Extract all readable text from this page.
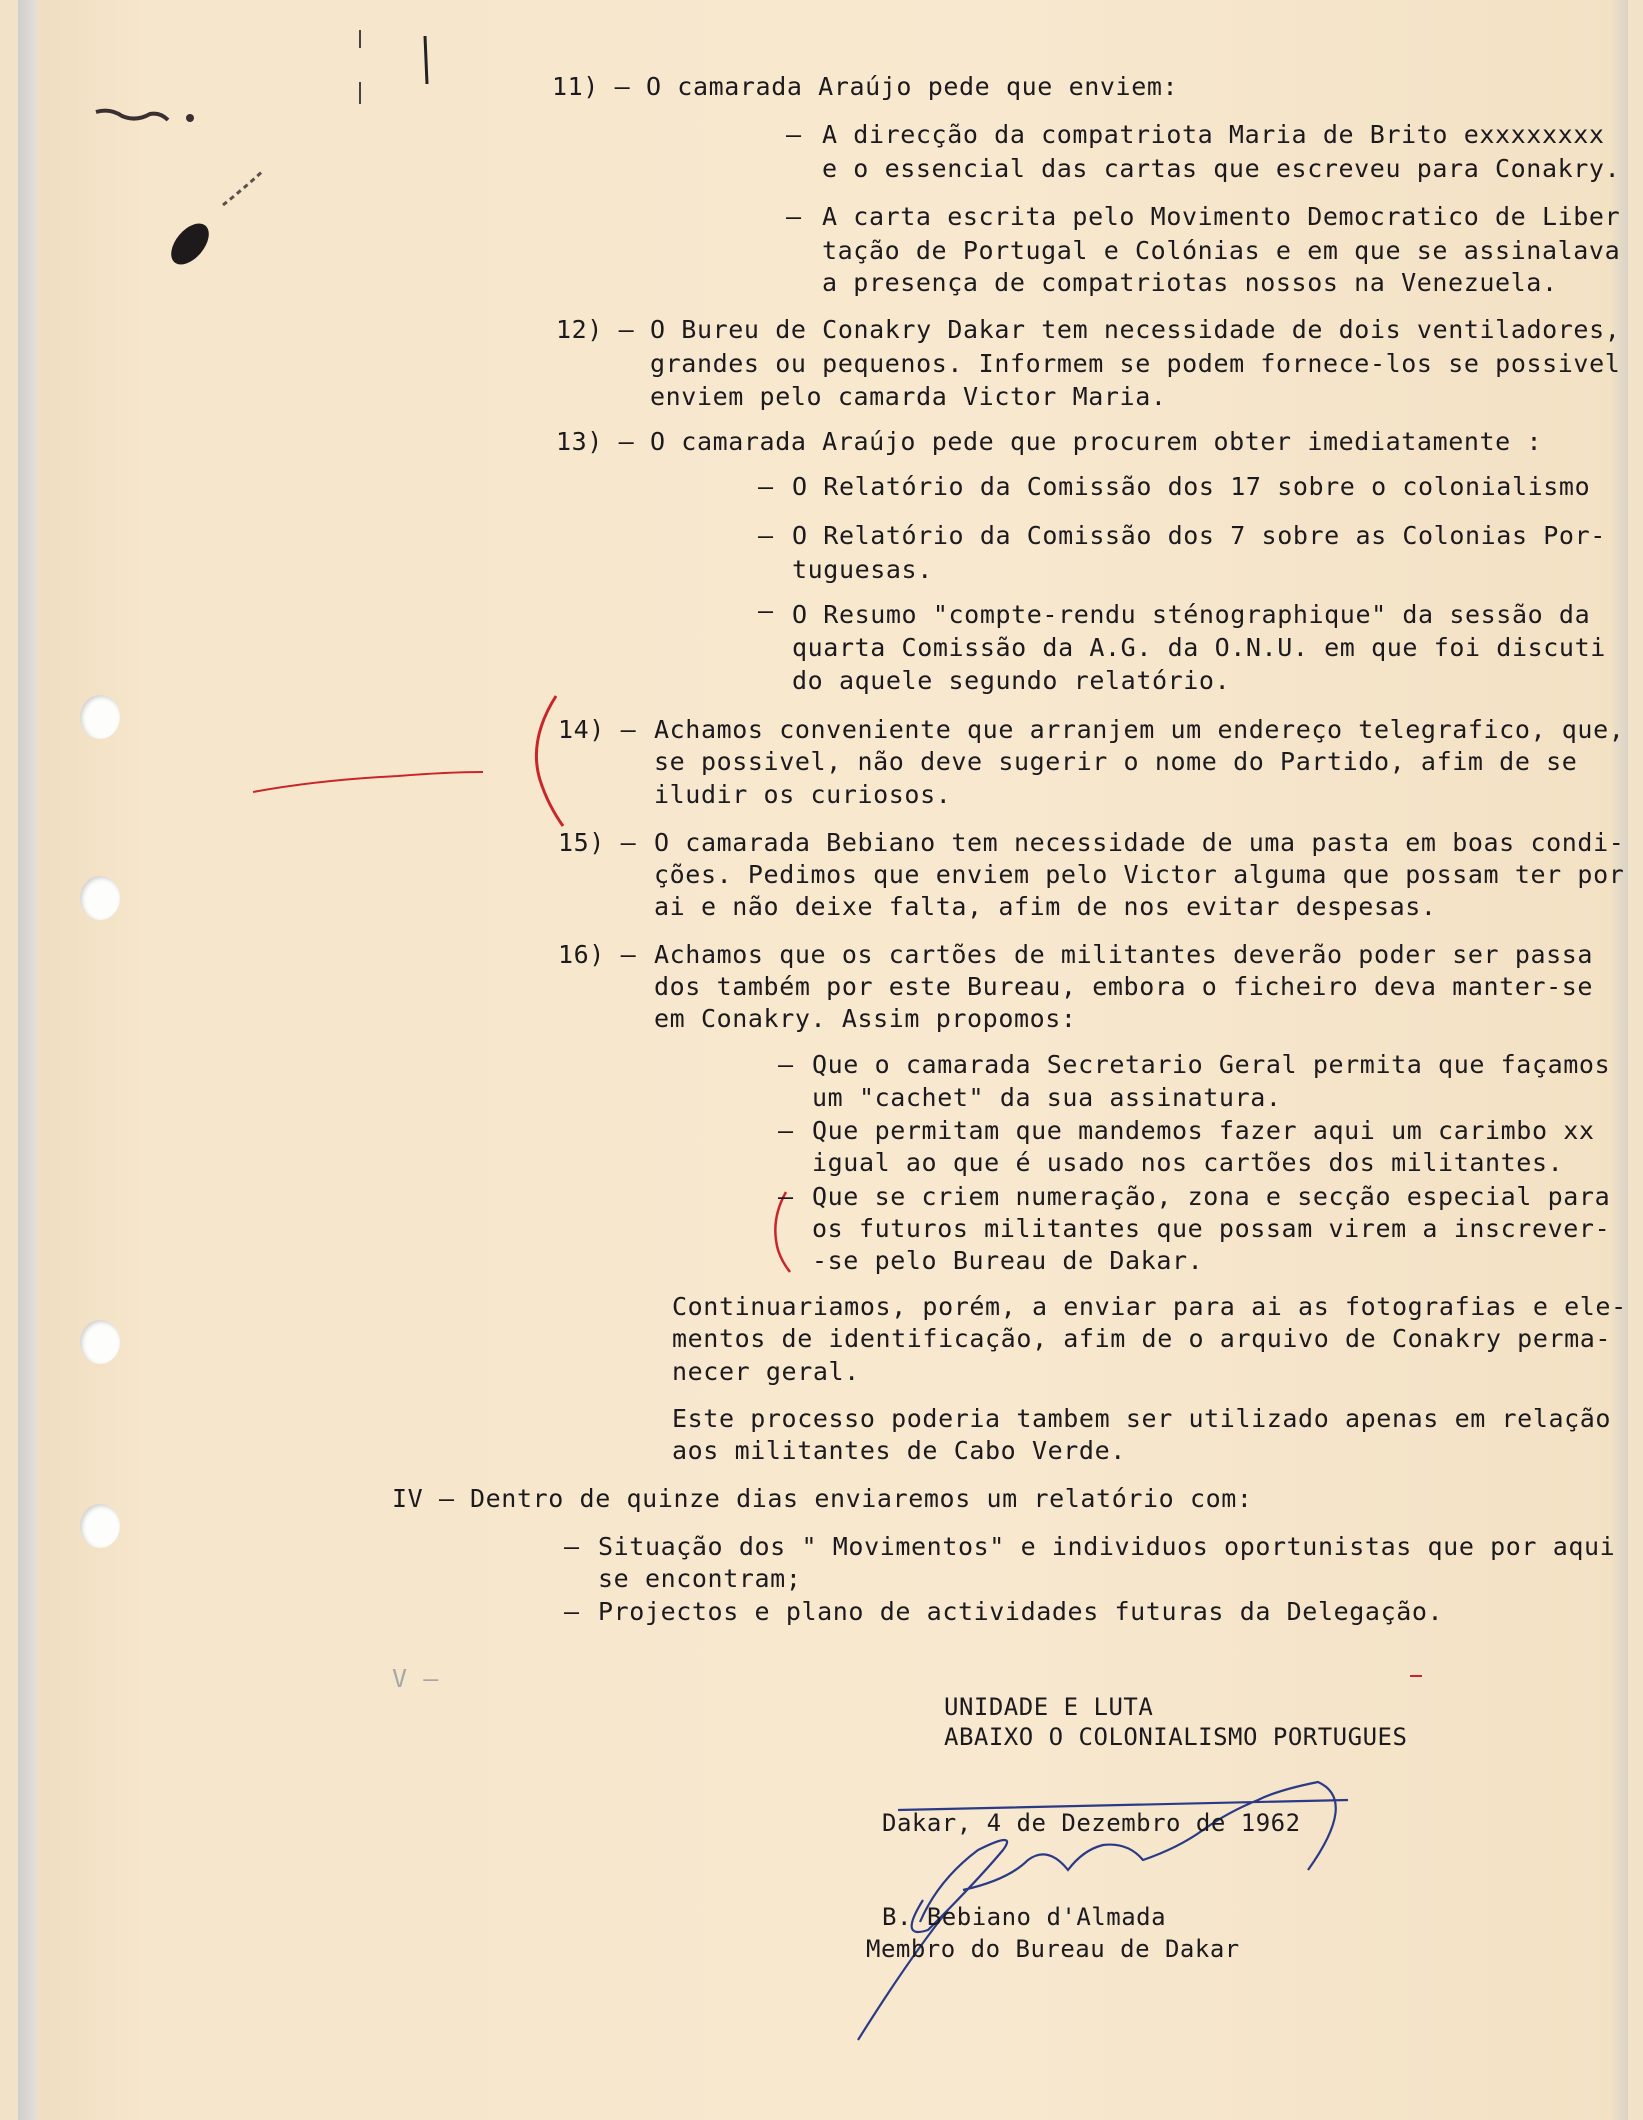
11) – O camarada Araújo pede que enviem:
– A direcção da compatriota Maria de Brito exxxxxxxx
e o essencial das cartas que escreveu para Conakry.
– A carta escrita pelo Movimento Democratico de Liber
tação de Portugal e Colónias e em que se assinalava
a presença de compatriotas nossos na Venezuela.
12) – O Bureu de Conakry Dakar tem necessidade de dois ventiladores,
grandes ou pequenos. Informem se podem fornece-los se possivel
enviem pelo camarda Victor Maria.
13) – O camarada Araújo pede que procurem obter imediatamente :
– O Relatório da Comissão dos 17 sobre o colonialismo
– O Relatório da Comissão dos 7 sobre as Colonias Por-
tuguesas.
– O Resumo "compte-rendu sténographique" da sessão da
quarta Comissão da A.G. da O.N.U. em que foi discuti
do aquele segundo relatório.
14) – Achamos conveniente que arranjem um endereço telegrafico, que,
se possivel, não deve sugerir o nome do Partido, afim de se
iludir os curiosos.
15) – O camarada Bebiano tem necessidade de uma pasta em boas condi-
ções. Pedimos que enviem pelo Victor alguma que possam ter por
ai e não deixe falta, afim de nos evitar despesas.
16) – Achamos que os cartões de militantes deverão poder ser passa
dos também por este Bureau, embora o ficheiro deva manter-se
em Conakry. Assim propomos:
– Que o camarada Secretario Geral permita que façamos
um "cachet" da sua assinatura.
– Que permitam que mandemos fazer aqui um carimbo xx
igual ao que é usado nos cartões dos militantes.
– Que se criem numeração, zona e secção especial para
os futuros militantes que possam virem a inscrever-
-se pelo Bureau de Dakar.
Continuariamos, porém, a enviar para ai as fotografias e ele-
mentos de identificação, afim de o arquivo de Conakry perma-
necer geral.
Este processo poderia tambem ser utilizado apenas em relação
aos militantes de Cabo Verde.
IV – Dentro de quinze dias enviaremos um relatório com:
– Situação dos " Movimentos" e individuos oportunistas que por aqui
se encontram;
– Projectos e plano de actividades futuras da Delegação.
V –
UNIDADE E LUTA
ABAIXO O COLONIALISMO PORTUGUES
Dakar, 4 de Dezembro de 1962
B. Bebiano d'Almada
Membro do Bureau de Dakar
